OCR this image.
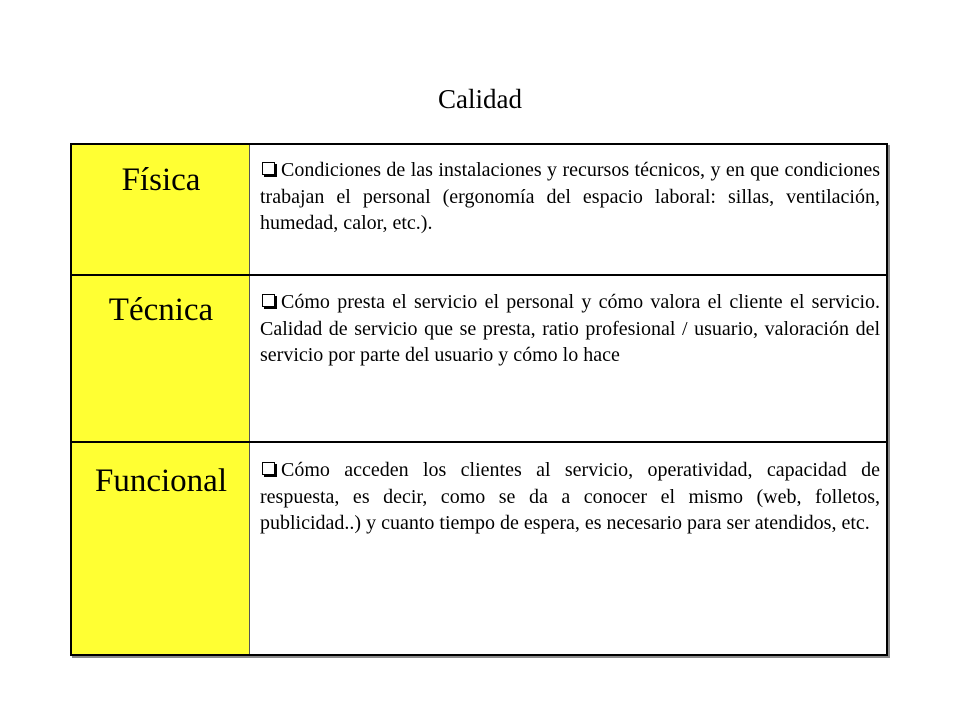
Calidad
Física	Condiciones de las instalaciones y recursos técnicos, y en que condiciones trabajan el personal (ergonomía del espacio laboral: sillas, ventilación, humedad, calor, etc.).
Técnica	Cómo presta el servicio el personal y cómo valora el cliente el servicio. Calidad de servicio que se presta, ratio profesional / usuario, valoración del servicio por parte del usuario y cómo lo hace
Funcional	Cómo acceden los clientes al servicio, operatividad, capacidad de respuesta, es decir, como se da a conocer el mismo (web, folletos, publicidad..) y cuanto tiempo de espera, es necesario para ser atendidos, etc.
